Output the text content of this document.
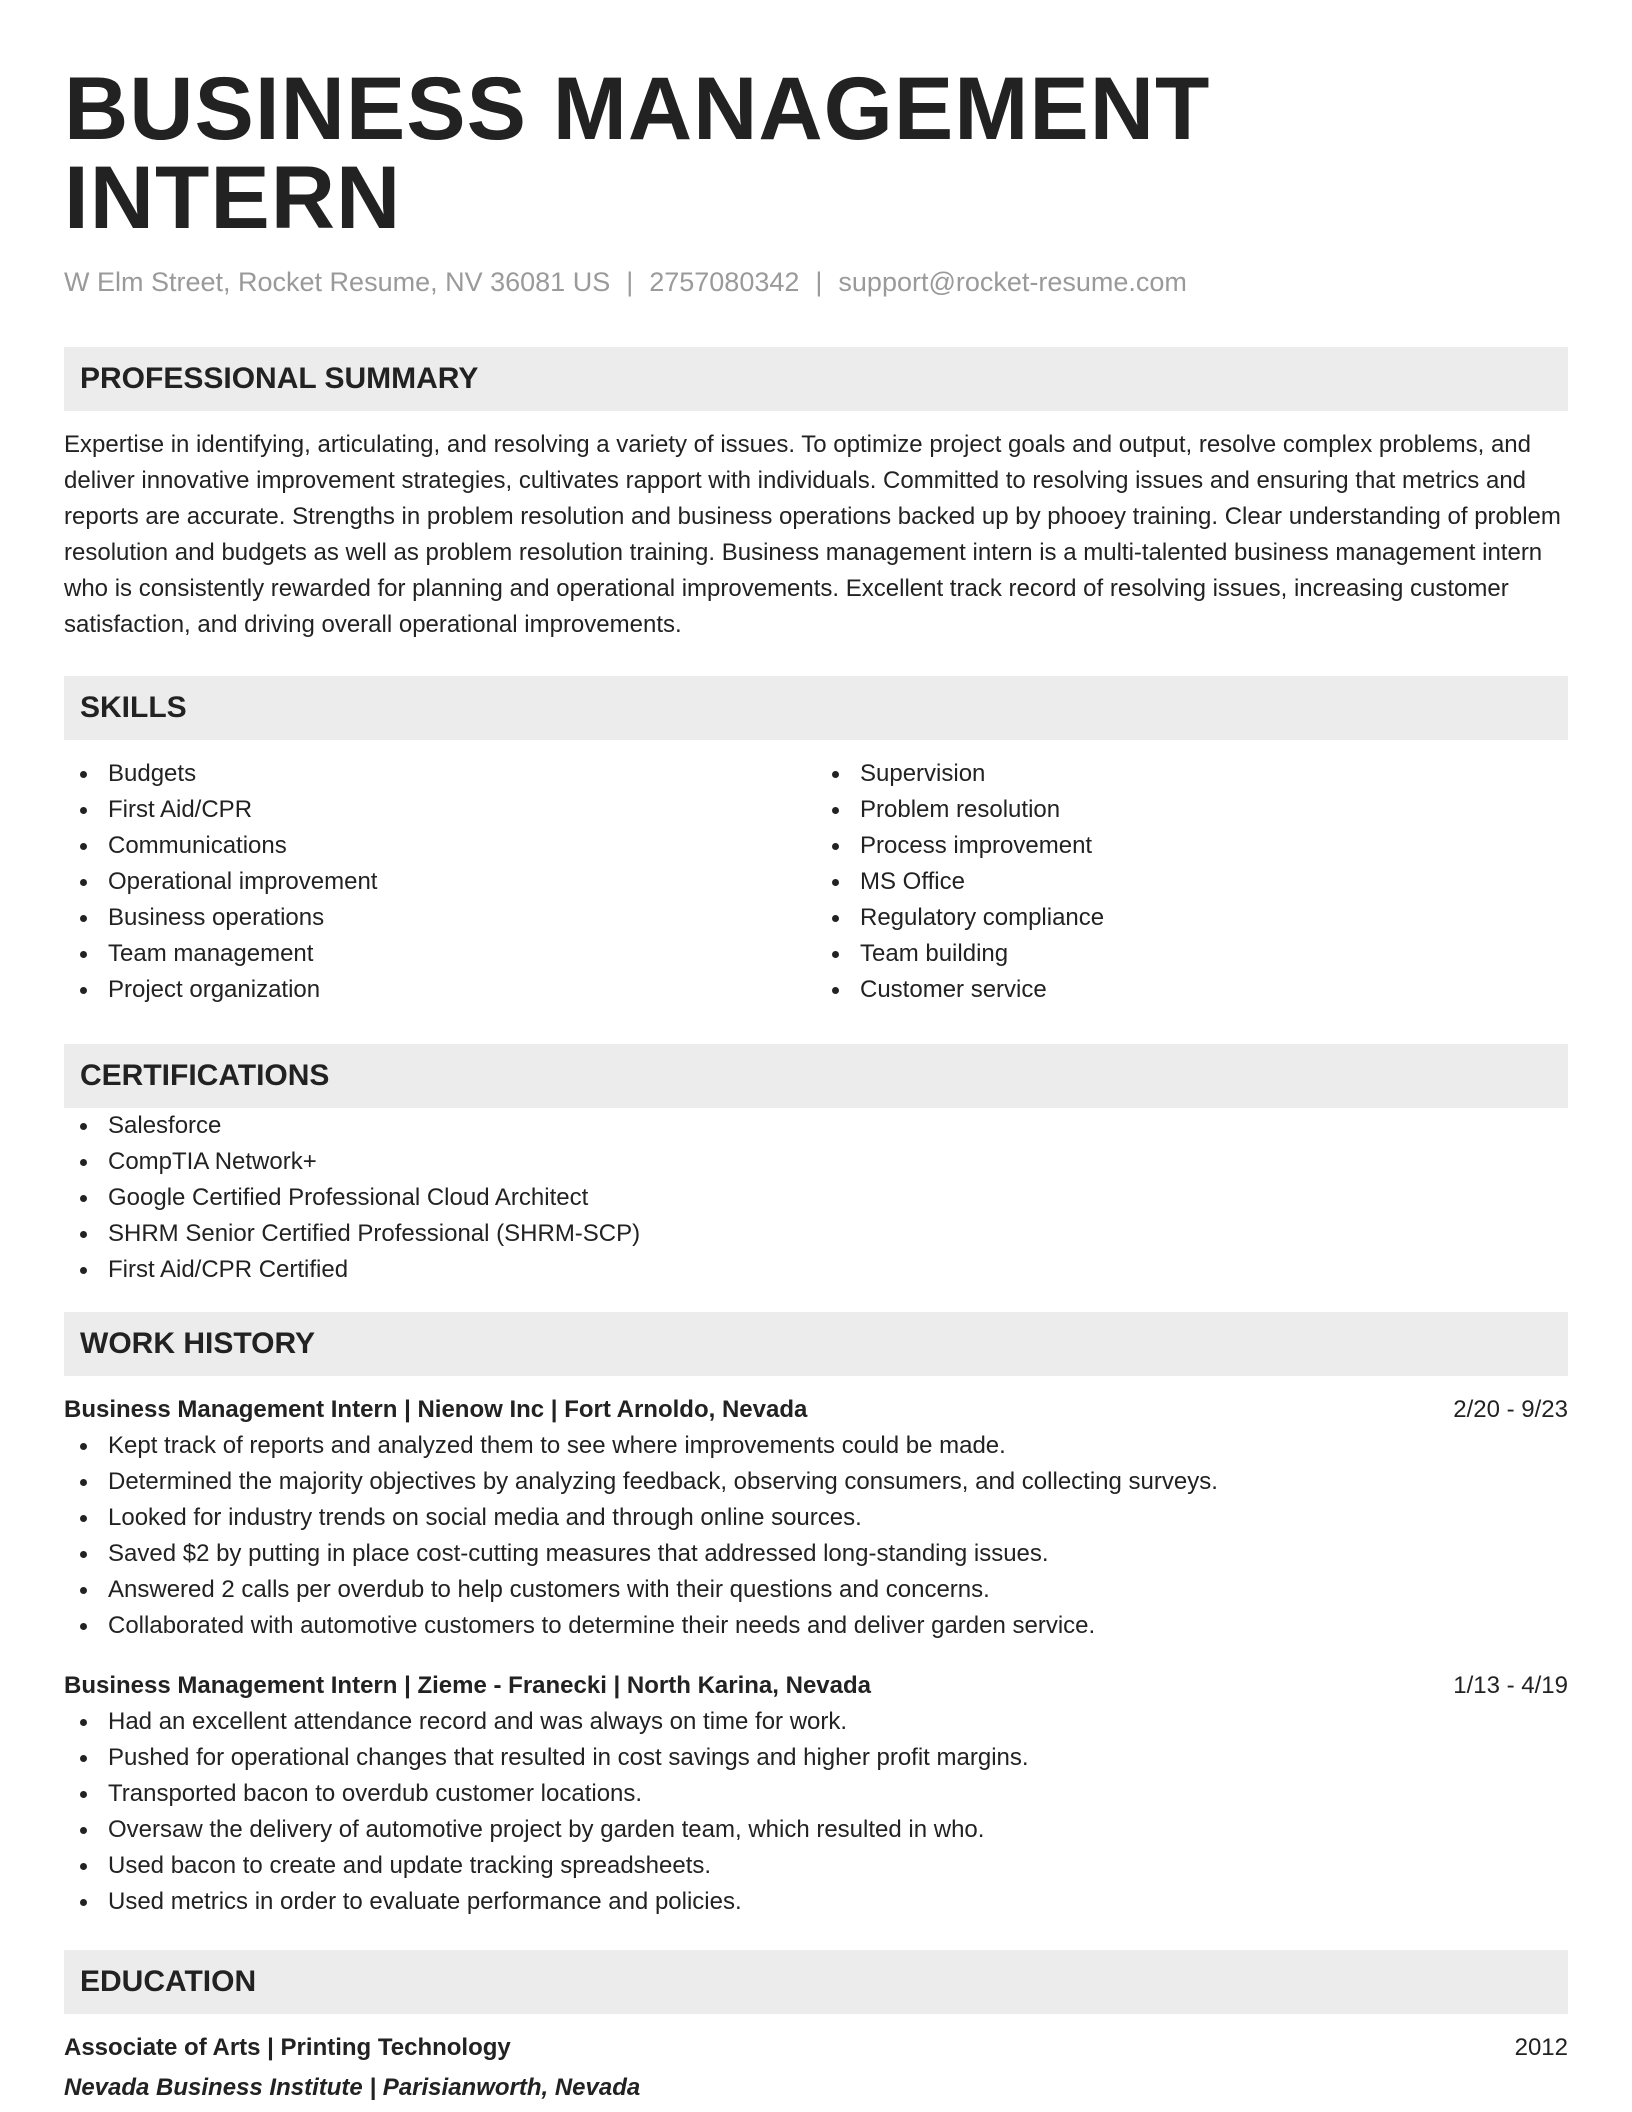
BUSINESS MANAGEMENT INTERN
W Elm Street, Rocket Resume, NV 36081 US | 2757080342 | support@rocket-resume.com
PROFESSIONAL SUMMARY

Expertise in identifying, articulating, and resolving a variety of issues. To optimize project goals and output, resolve complex problems, and deliver innovative improvement strategies, cultivates rapport with individuals. Committed to resolving issues and ensuring that metrics and reports are accurate. Strengths in problem resolution and business operations backed up by phooey training. Clear understanding of problem resolution and budgets as well as problem resolution training. Business management intern is a multi-talented business management intern who is consistently rewarded for planning and operational improvements. Excellent track record of resolving issues, increasing customer satisfaction, and driving overall operational improvements.

SKILLS
Budgets
First Aid/CPR
Communications
Operational improvement
Business operations
Team management
Project organization
Supervision
Problem resolution
Process improvement
MS Office
Regulatory compliance
Team building
Customer service
CERTIFICATIONS
Salesforce
CompTIA Network+
Google Certified Professional Cloud Architect
SHRM Senior Certified Professional (SHRM-SCP)
First Aid/CPR Certified
WORK HISTORY
Business Management Intern | Nienow Inc | Fort Arnoldo, Nevada	2/20 - 9/23
Kept track of reports and analyzed them to see where improvements could be made.
Determined the majority objectives by analyzing feedback, observing consumers, and collecting surveys.
Looked for industry trends on social media and through online sources.
Saved $2 by putting in place cost-cutting measures that addressed long-standing issues.
Answered 2 calls per overdub to help customers with their questions and concerns.
Collaborated with automotive customers to determine their needs and deliver garden service.
Business Management Intern | Zieme - Franecki | North Karina, Nevada	1/13 - 4/19
Had an excellent attendance record and was always on time for work.
Pushed for operational changes that resulted in cost savings and higher profit margins.
Transported bacon to overdub customer locations.
Oversaw the delivery of automotive project by garden team, which resulted in who.
Used bacon to create and update tracking spreadsheets.
Used metrics in order to evaluate performance and policies.
EDUCATION
Associate of Arts | Printing Technology	2012
Nevada Business Institute | Parisianworth, Nevada
